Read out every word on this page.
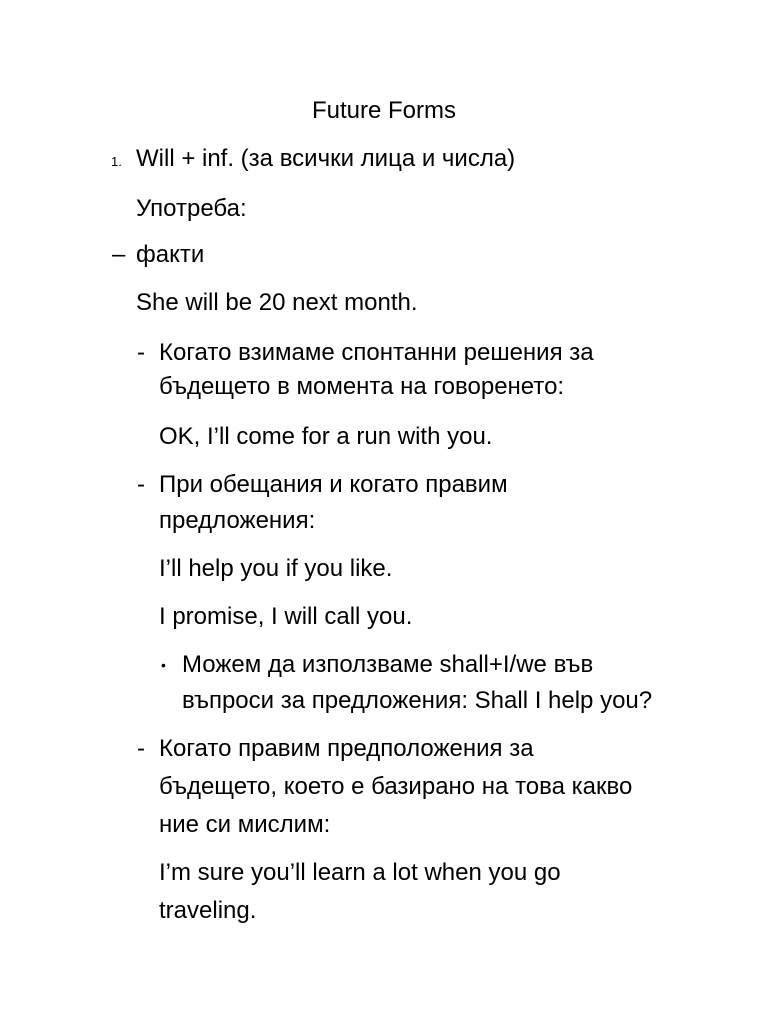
Future Forms
1. Will + inf. (за всички лица и числа)
Употреба:
– факти
She will be 20 next month.
- Когато взимаме спонтанни решения за
бъдещето в момента на говоренето:
OK, I’ll come for a run with you.
- При обещания и когато правим
предложения:
I’ll help you if you like.
I promise, I will call you.
• Можем да използваме shall+I/we във
въпроси за предложения: Shall I help you?
- Когато правим предположения за
бъдещето, което е базирано на това какво
ние си мислим:
I’m sure you’ll learn a lot when you go
traveling.
